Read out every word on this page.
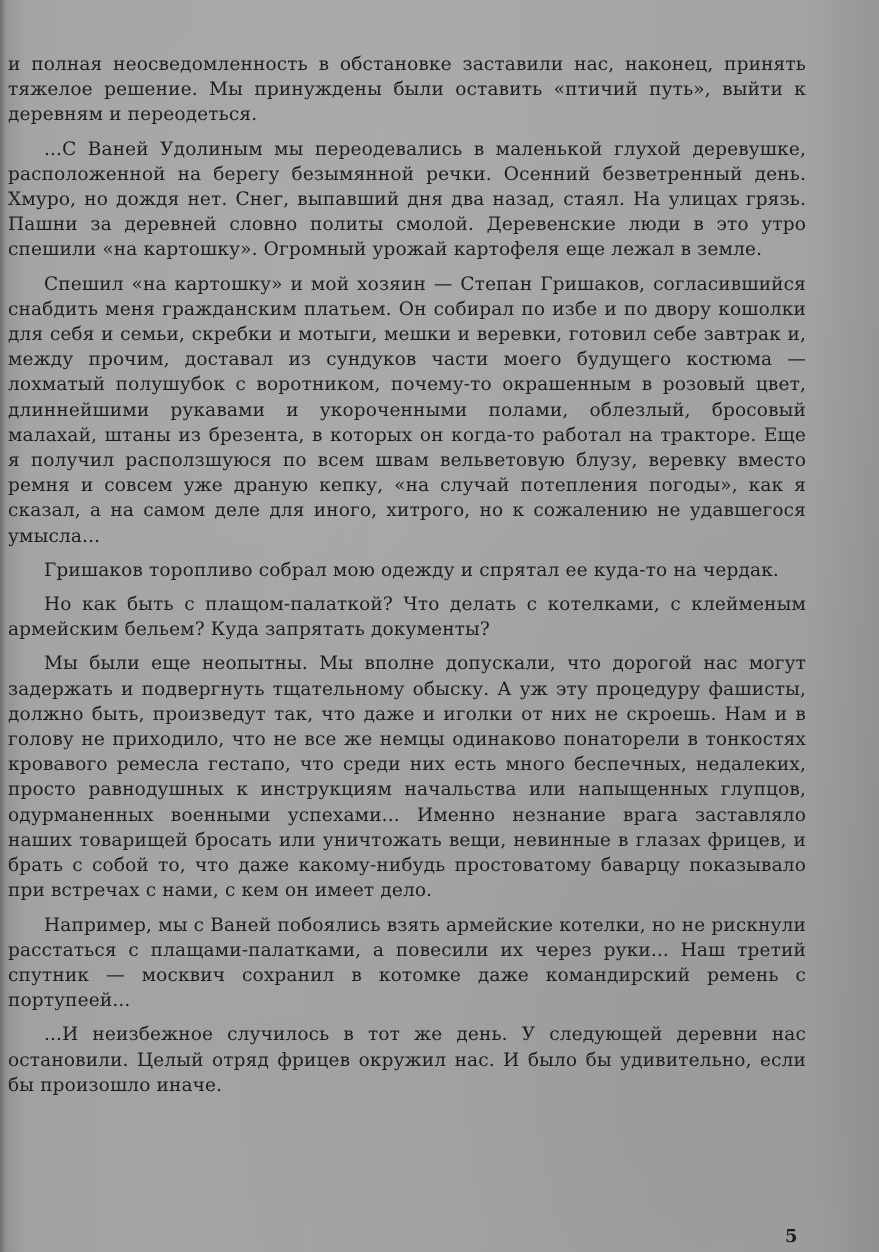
и полная неосведомленность в обстановке заставили нас, наконец, принять тяжелое решение. Мы принуждены были оставить «птичий путь», выйти к деревням и переодеться.

...С Ваней Удолиным мы переодевались в маленькой глухой деревушке, расположенной на берегу безымянной речки. Осенний безветренный день. Хмуро, но дождя нет. Снег, выпавший дня два назад, стаял. На улицах грязь. Пашни за деревней словно политы смолой. Деревенские люди в это утро спешили «на картошку». Огромный урожай картофеля еще лежал в земле.

Спешил «на картошку» и мой хозяин — Степан Гришаков, согласившийся снабдить меня гражданским платьем. Он собирал по избе и по двору кошолки для себя и семьи, скребки и мотыги, мешки и веревки, готовил себе завтрак и, между прочим, доставал из сундуков части моего будущего костюма — лохматый полушубок с воротником, почему-то окрашенным в розовый цвет, длиннейшими рукавами и укороченными полами, облезлый, бросовый малахай, штаны из брезента, в которых он когда-то работал на тракторе. Еще я получил расползшуюся по всем швам вельветовую блузу, веревку вместо ремня и совсем уже драную кепку, «на случай потепления погоды», как я сказал, а на самом деле для иного, хитрого, но к сожалению не удавшегося умысла...

Гришаков торопливо собрал мою одежду и спрятал ее куда-то на чердак.

Но как быть с плащом-палаткой? Что делать с котелками, с клейменым армейским бельем? Куда запрятать документы?

Мы были еще неопытны. Мы вполне допускали, что дорогой нас могут задержать и подвергнуть тщательному обыску. А уж эту процедуру фашисты, должно быть, произведут так, что даже и иголки от них не скроешь. Нам и в голову не приходило, что не все же немцы одинаково понаторели в тонкостях кровавого ремесла гестапо, что среди них есть много беспечных, недалеких, просто равнодушных к инструкциям начальства или напыщенных глупцов, одурманенных военными успехами... Именно незнание врага заставляло наших товарищей бросать или уничтожать вещи, невинные в глазах фрицев, и брать с собой то, что даже какому-нибудь простоватому баварцу показывало при встречах с нами, с кем он имеет дело.

Например, мы с Ваней побоялись взять армейские котелки, но не рискнули расстаться с плащами-палатками, а повесили их через руки... Наш третий спутник — москвич сохранил в котомке даже командирский ремень с портупеей...

...И неизбежное случилось в тот же день. У следующей деревни нас остановили. Целый отряд фрицев окружил нас. И было бы удивительно, если бы произошло иначе.

5
